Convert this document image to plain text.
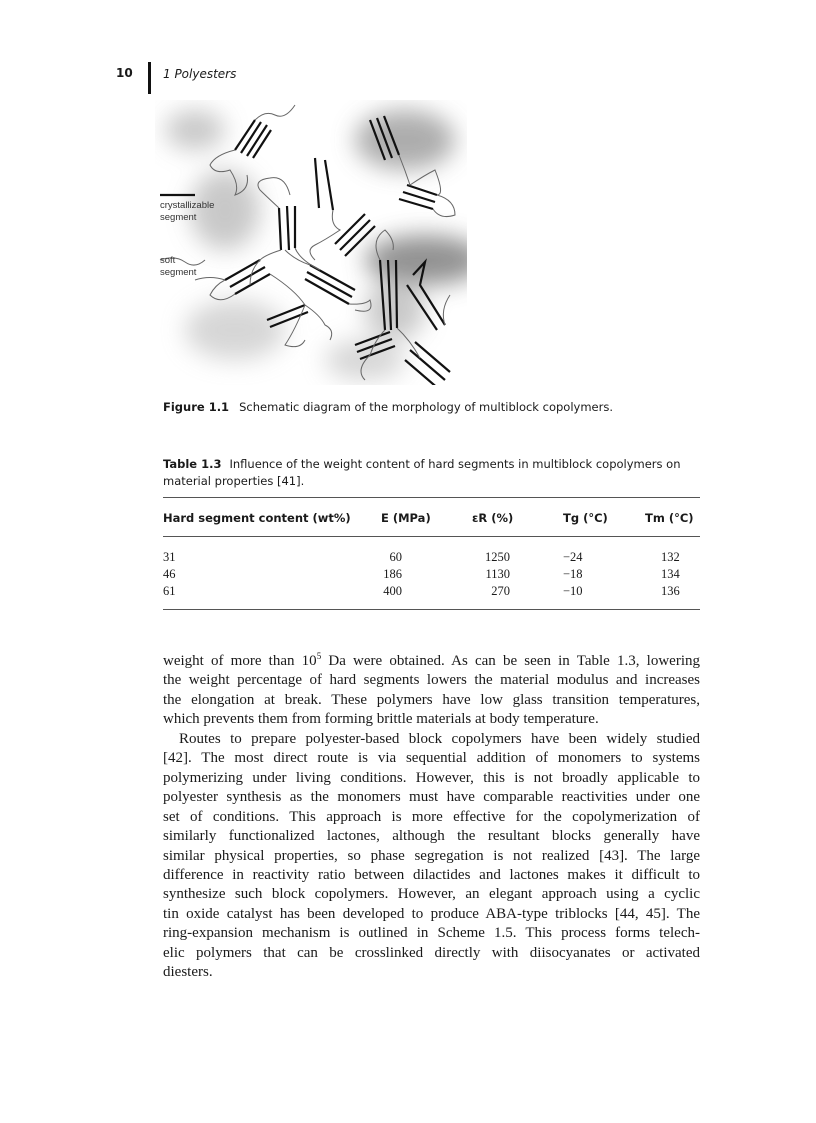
10	1 Polyesters
crystallizable
segment
soft
segment
Figure 1.1 Schematic diagram of the morphology of multiblock copolymers.
Table 1.3 Influence of the weight content of hard segments in multiblock copolymers on material properties [41].
Hard segment content (wt%)	E (MPa)	εR (%)	Tg (°C)	Tm (°C)
31	60	1250	−24	132
46	186	1130	−18	134
61	400	270	−10	136
weight of more than $10^5$ Da were obtained. As can be seen in Table 1.3, lowering
the weight percentage of hard segments lowers the material modulus and increases
the elongation at break. These polymers have low glass transition temperatures,
which prevents them from forming brittle materials at body temperature.
Routes to prepare polyester-based block copolymers have been widely studied
[42]. The most direct route is via sequential addition of monomers to systems
polymerizing under living conditions. However, this is not broadly applicable to
polyester synthesis as the monomers must have comparable reactivities under one
set of conditions. This approach is more effective for the copolymerization of
similarly functionalized lactones, although the resultant blocks generally have
similar physical properties, so phase segregation is not realized [43]. The large
difference in reactivity ratio between dilactides and lactones makes it difficult to
synthesize such block copolymers. However, an elegant approach using a cyclic
tin oxide catalyst has been developed to produce ABA-type triblocks [44, 45]. The
ring-expansion mechanism is outlined in Scheme 1.5. This process forms telech-
elic polymers that can be crosslinked directly with diisocyanates or activated
diesters.
